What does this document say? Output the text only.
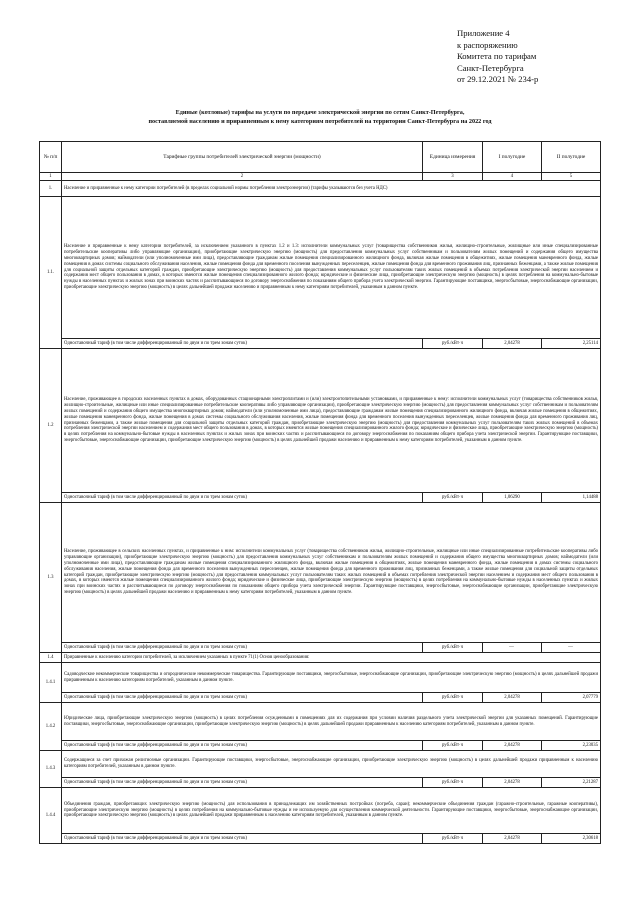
Приложение 4
к распоряжению
Комитета по тарифам
Санкт-Петербурга
от 29.12.2021 № 234-р
Единые (котловые) тарифы на услуги по передаче электрической энергии по сетям Санкт-Петербурга,
поставляемой населению и приравненным к нему категориям потребителей на территории Санкт-Петербурга на 2022 год
№ п/п	Тарифные группы потребителей электрической энергии (мощности)	Единица измерения	I полугодие	II полугодие
1	2	3	4	5
1.	Население и приравненные к нему категории потребителей (в пределах социальной нормы потребления электроэнергии) (тарифы указываются без учета НДС)			
1.1.	Население и приравненные к нему категории потребителей, за исключением указанного в пунктах 1.2 и 1.3: исполнители коммунальных услуг (товарищества собственников жилья, жилищно-строительные, жилищные или иные специализированные потребительские кооперативы либо управляющие организации), приобретающие электрическую энергию (мощность) для предоставления коммунальных услуг собственникам и пользователям жилых помещений и содержания общего имущества многоквартирных домов; наймодатели (или уполномоченные ими лица), предоставляющие гражданам жилые помещения специализированного жилищного фонда, включая жилые помещения в общежитиях, жилые помещения маневренного фонда, жилые помещения в домах системы социального обслуживания населения, жилые помещения фонда для временного поселения вынужденных переселенцев, жилые помещения фонда для временного проживания лиц, признанных беженцами, а также жилые помещения для социальной защиты отдельных категорий граждан, приобретающие электрическую энергию (мощность) для предоставления коммунальных услуг пользователям таких жилых помещений в объемах потребления электрической энергии населением и содержания мест общего пользования в домах, в которых имеются жилые помещения специализированного жилого фонда; юридические и физические лица, приобретающие электрическую энергию (мощность) в целях потребления на коммунально-бытовые нужды в населенных пунктах и жилых зонах при воинских частях и рассчитывающиеся по договору энергоснабжения по показаниям общего прибора учета электрической энергии. Гарантирующие поставщики, энергосбытовые, энергоснабжающие организации, приобретающие электрическую энергию (мощность) в целях дальнейшей продажи населению и приравненным к нему категориям потребителей, указанным в данном пункте.			
	Одноставочный тариф (в том числе дифференцированный по двум и по трем зонам суток)	руб./кВт·ч	2,04278	2,25114
1.2	Население, проживающее в городских населенных пунктах в домах, оборудованных стационарными электроплитами и (или) электроотопительными установками, и приравненные к нему: исполнители коммунальных услуг (товарищества собственников жилья, жилищно-строительные, жилищные или иные специализированные потребительские кооперативы либо управляющие организации), приобретающие электрическую энергию (мощность) для предоставления коммунальных услуг собственникам и пользователям жилых помещений и содержания общего имущества многоквартирных домов; наймодатели (или уполномоченные ими лица), предоставляющие гражданам жилые помещения специализированного жилищного фонда, включая жилые помещения в общежитиях, жилые помещения маневренного фонда, жилые помещения в домах системы социального обслуживания населения, жилые помещения фонда для временного поселения вынужденных переселенцев, жилые помещения фонда для временного проживания лиц, признанных беженцами, а также жилые помещения для социальной защиты отдельных категорий граждан, приобретающие электрическую энергию (мощность) для предоставления коммунальных услуг пользователям таких жилых помещений в объемах потребления электрической энергии населением и содержания мест общего пользования в домах, в которых имеются жилые помещения специализированного жилого фонда; юридические и физические лица, приобретающие электрическую энергию (мощность) в целях потребления на коммунально-бытовые нужды в населенных пунктах и жилых зонах при воинских частях и рассчитывающиеся по договору энергоснабжения по показаниям общего прибора учета электрической энергии. Гарантирующие поставщики, энергосбытовые, энергоснабжающие организации, приобретающие электрическую энергию (мощность) в целях дальнейшей продажи населению и приравненным к нему категориям потребителей, указанным в данном пункте.			
	Одноставочный тариф (в том числе дифференцированный по двум и по трем зонам суток)	руб./кВт·ч	1,06290	1,14488
1.3	Население, проживающее в сельских населенных пунктах, и приравненные к ним: исполнители коммунальных услуг (товарищества собственников жилья, жилищно-строительные, жилищные или иные специализированные потребительские кооперативы либо управляющие организации), приобретающие электрическую энергию (мощность) для предоставления коммунальных услуг собственникам и пользователям жилых помещений и содержания общего имущества многоквартирных домов; наймодатели (или уполномоченные ими лица), предоставляющие гражданам жилые помещения специализированного жилищного фонда, включая жилые помещения в общежитиях, жилые помещения маневренного фонда, жилые помещения в домах системы социального обслуживания населения, жилые помещения фонда для временного поселения вынужденных переселенцев, жилые помещения фонда для временного проживания лиц, признанных беженцами, а также жилые помещения для социальной защиты отдельных категорий граждан, приобретающие электрическую энергию (мощность) для предоставления коммунальных услуг пользователям таких жилых помещений в объемах потребления электрической энергии населением и содержания мест общего пользования в домах, в которых имеются жилые помещения специализированного жилого фонда; юридические и физические лица, приобретающие электрическую энергию (мощность) в целях потребления на коммунально-бытовые нужды в населенных пунктах и жилых зонах при воинских частях и рассчитывающиеся по договору энергоснабжения по показаниям общего прибора учета электрической энергии. Гарантирующие поставщики, энергосбытовые, энергоснабжающие организации, приобретающие электрическую энергию (мощность) в целях дальнейшей продажи населению и приравненным к нему категориям потребителей, указанным в данном пункте.			
	Одноставочный тариф (в том числе дифференцированный по двум и по трем зонам суток)	руб./кВт·ч	—	—
1.4	Приравненные к населению категории потребителей, за исключением указанных в пункте 71(1) Основ ценообразования:			
1.4.1	Садоводческие некоммерческие товарищества и огороднические некоммерческие товарищества. Гарантирующие поставщики, энергосбытовые, энергоснабжающие организации, приобретающие электрическую энергию (мощность) в целях дальнейшей продажи приравненным к населению категориям потребителей, указанным в данном пункте.			
	Одноставочный тариф (в том числе дифференцированный по двум и по трем зонам суток)	руб./кВт·ч	2,04278	2,07779
1.4.2	Юридические лица, приобретающие электрическую энергию (мощность) в целях потребления осужденными в помещениях для их содержания при условии наличия раздельного учета электрической энергии для указанных помещений. Гарантирующие поставщики, энергосбытовые, энергоснабжающие организации, приобретающие электрическую энергию (мощность) в целях дальнейшей продажи приравненным к населению категориям потребителей, указанным в данном пункте.			
	Одноставочный тариф (в том числе дифференцированный по двум и по трем зонам суток)	руб./кВт·ч	2,04278	2,23035
1.4.3	Содержащиеся за счет прихожан религиозные организации. Гарантирующие поставщики, энергосбытовые, энергоснабжающие организации, приобретающие электрическую энергию (мощность) в целях дальнейшей продажи приравненным к населению категориям потребителей, указанным в данном пункте.			
	Одноставочный тариф (в том числе дифференцированный по двум и по трем зонам суток)	руб./кВт·ч	2,04278	2,21287
1.4.4	Объединения граждан, приобретающих электрическую энергию (мощность) для использования в принадлежащих им хозяйственных постройках (погреба, сараи); некоммерческие объединения граждан (гаражно-строительные, гаражные кооперативы), приобретающие электрическую энергию (мощность) в целях потребления на коммунально-бытовые нужды и не используемую для осуществления коммерческой деятельности. Гарантирующие поставщики, энергосбытовые, энергоснабжающие организации, приобретающие электрическую энергию (мощность) в целях дальнейшей продажи приравненным к населению категориям потребителей, указанным в данном пункте.			
	Одноставочный тариф (в том числе дифференцированный по двум и по трем зонам суток)	руб./кВт·ч	2,04278	2,30618
